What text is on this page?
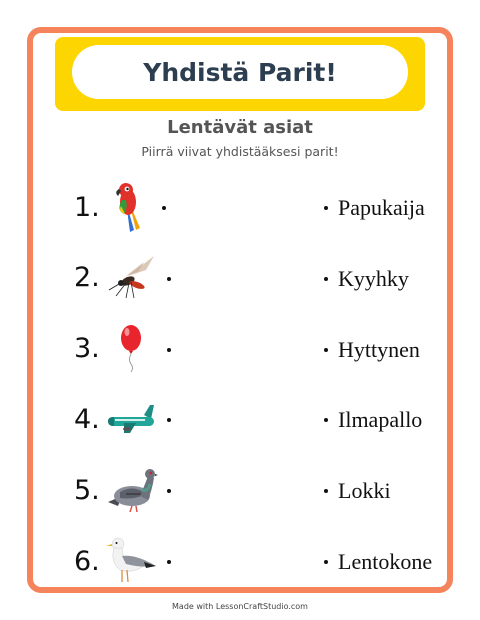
Yhdistä Parit!
Lentävät asiat
Piirrä viivat yhdistääksesi parit!
1.	Papukaija
2.	Kyyhky
3.	Hyttynen
4.	Ilmapallo
5.	Lokki
6.	Lentokone
Made with LessonCraftStudio.com
